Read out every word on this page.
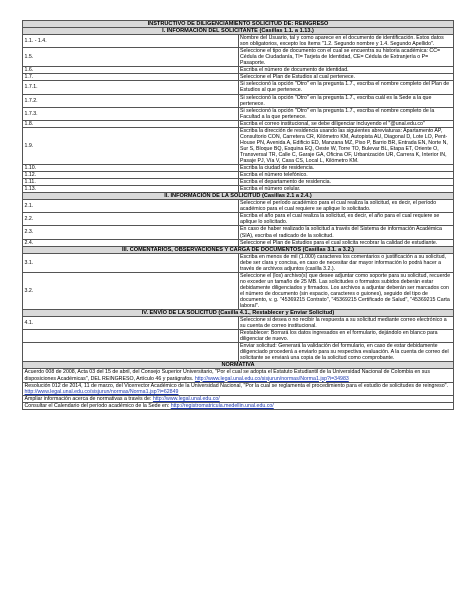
INSTRUCTIVO DE DILIGENCIAMIENTO SOLICITUD DE: REINGRESO	
I. INFORMACIÓN DEL SOLICITANTE (Casillas 1.1. a 1.13.)	
1.1. - 1.4.	Nombre del Usuario, tal y como aparece en el documento de identificación. Estos datos son obligatorios, excepto los ítems "1.2. Segundo nombre y 1.4. Segundo Apellido".
1.5.	Seleccione el tipo de documento con el cual se encuentra su historia académica: CC= Cédula de Ciudadanía, TI= Tarjeta de Identidad, CE= Cédula de Extranjería o P= Pasaporte.
1.6.	Escriba el número de documento de identidad.
1.7.	Seleccione el Plan de Estudios al cual pertenece.
1.7.1.	Si seleccionó la opción "Otro" en la pregunta 1.7., escriba el nombre completo del Plan de Estudios al que pertenece.
1.7.2.	Si seleccionó la opción "Otro" en la pregunta 1.7., escriba cuál es la Sede a la que pertenece.
1.7.3.	Si seleccionó la opción "Otro" en la pregunta 1.7., escriba el nombre completo de la Facultad a la que pertenece.
1.8.	Escriba el correo institucional, se debe diligenciar incluyendo el "@unal.edu.co"
1.9.	Escriba la dirección de residencia usando las siguientes abreviaturas: Apartamento AP, Consultorio CON, Carretera CR, Kilómetro KM, Autopista AU, Diagonal D, Lote LO, Pent-House PN, Avenida A, Edificio ED, Manzana MZ, Piso P, Barrio BR, Entrada EN, Norte N, Sur S, Bloque BQ, Esquina EQ, Oeste W, Torre TO, Bulevar BL, Etapa ET, Oriente O, Transversal TR, Calle C, Garaje GA, Oficina OF, Urbanización UR, Carrera K, Interior IN, Pasaje PJ, Vía V, Casa CS, Local L, Kilómetro KM.
1.10.	Escriba la ciudad de residencia.
1.12.	Escriba el número telefónico.
1.11.	Escriba el departamento de residencia.
1.13.	Escriba el número celular.
II. INFORMACIÓN DE LA SOLICITUD (Casillas 2.1 a 2.4.)	
2.1.	Seleccione el período académico para el cual realiza la solicitud, es decir, el período académico para el cual requiere se aplique lo solicitado.
2.2.	Escriba el año para el cual realiza la solicitud, es decir, el año para el cual requiere se aplique lo solicitado.
2.3.	En caso de haber realizado la solicitud a través del Sistema de información Académica (SIA), escriba el radicado de la solicitud.
2.4.	Seleccione el Plan de Estudios para el cual solicita recobrar la calidad de estudiante.
III. COMENTARIOS, OBSERVACIONES Y CARGA DE DOCUMENTOS (Casillas 3.1. a 3.2.)	
3.1.	Escriba en menos de mil (1.000) caracteres los comentarios o justificación a su solicitud, debe ser clara y concisa, en caso de necesitar dar mayor información lo podrá hacer a través de archivos adjuntos (casilla 3.2.).
3.2.	Seleccione el (los) archivo(s) que desee adjuntar como soporte para su solicitud, recuerde no exceder un tamaño de 25 MB. Las solicitudes o formatos subidos deberán estar debidamente diligenciados y firmados. Los archivos a adjuntar deberán ser marcados con el número de documento (sin espacio, caracteres o guiones), seguido del tipo de documento, v. g. "45369215 Contrato", "45369215 Certificado de Salud", "45369215 Carta laboral".
IV. ENVÍO DE LA SOLICITUD (Casilla 4.1., Restablecer y Enviar Solicitud)	
4.1.	Seleccione si desea o no recibir la respuesta a su solicitud mediante correo electrónico a su cuenta de correo institucional.
	Restablecer: Borrará los datos ingresados en el formulario, dejándolo en blanco para diligenciar de nuevo.
	Enviar solicitud: Generará la validación del formulario, en caso de estar debidamente diligenciado procederá a enviarlo para su respectiva evaluación. A la cuenta de correo del solicitante se enviará una copia de la solicitud como comprobante.
NORMATIVA	
Acuerdo 008 de 2008, Acta 03 del 15 de abril, del Consejo Superior Universitario, "Por el cual se adopta el Estatuto Estudiantil de la Universidad Nacional de Colombia en sus disposiciones Académicas", DEL REINGRESO, Artículo 46 y parágrafos. http://www.legal.unal.edu.co/sisjurun/normas/Norma1.jsp?i=34983	
Resolución 012 de 2014, 11 de marzo, del Vicerrector Académico de la Universidad Nacional, "Por la cual se reglamenta el procedimiento para el estudio de solicitudes de reingreso". http://www.legal.unal.edu.co/sisjurun/normas/Norma1.jsp?i=62849	
Ampliar información acerca de normativas a través de: http://www.legal.unal.edu.co/	
Consultar el Calendario del período académico de la Sede en: http://registromatricula.medellin.unal.edu.co/	
